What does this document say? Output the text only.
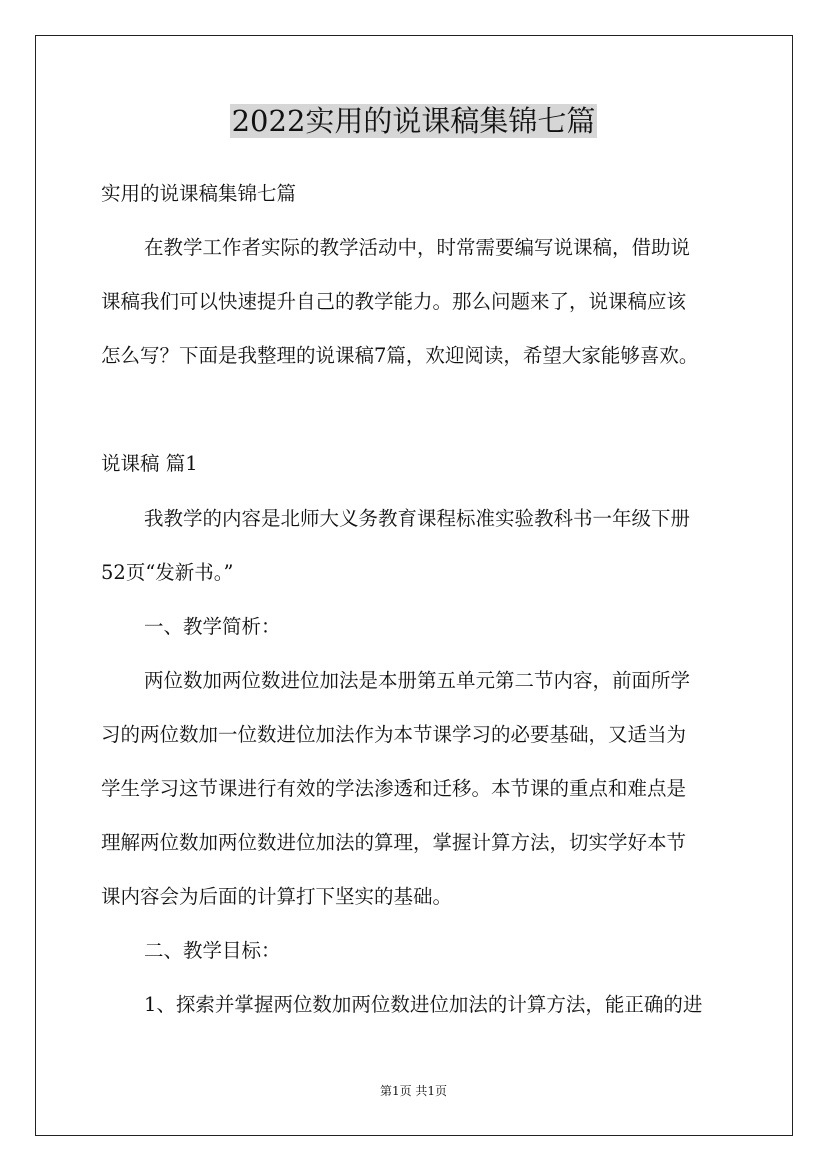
2022实用的说课稿集锦七篇

实用的说课稿集锦七篇

在教学工作者实际的教学活动中，时常需要编写说课稿，借助说

课稿我们可以快速提升自己的教学能力。那么问题来了，说课稿应该

怎么写？下面是我整理的说课稿7篇，欢迎阅读，希望大家能够喜欢。

说课稿 篇1

我教学的内容是北师大义务教育课程标准实验教科书一年级下册

52页“发新书。”

一、教学简析：

两位数加两位数进位加法是本册第五单元第二节内容，前面所学

习的两位数加一位数进位加法作为本节课学习的必要基础，又适当为

学生学习这节课进行有效的学法渗透和迁移。本节课的重点和难点是

理解两位数加两位数进位加法的算理，掌握计算方法，切实学好本节

课内容会为后面的计算打下坚实的基础。

二、教学目标：

1、探索并掌握两位数加两位数进位加法的计算方法，能正确的进

第1页 共1页
